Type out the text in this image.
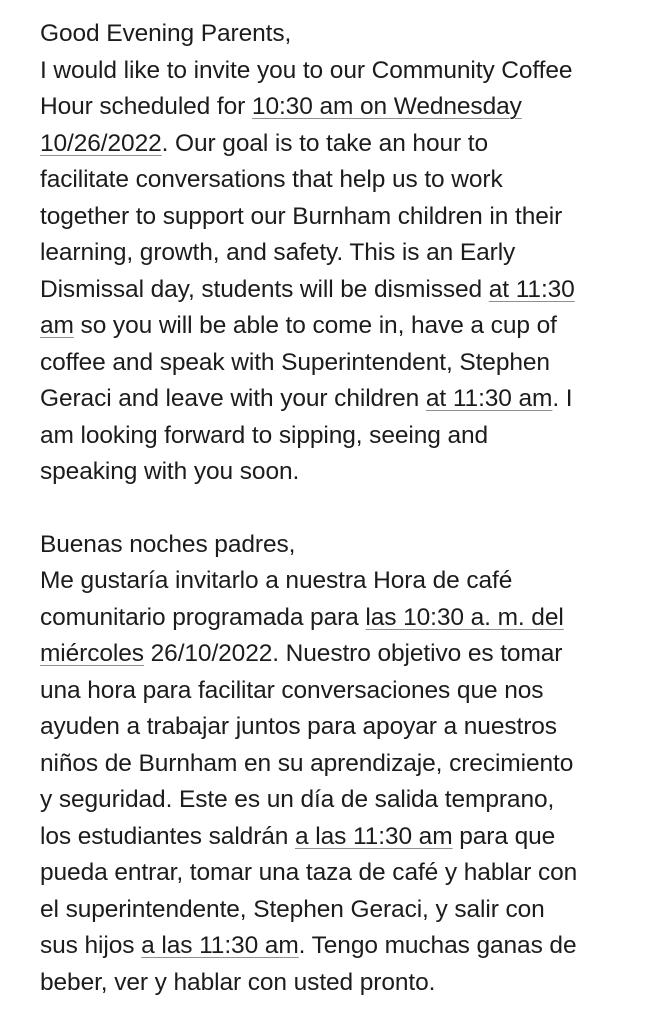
Good Evening Parents,
I would like to invite you to our Community Coffee
Hour scheduled for 10:30 am on Wednesday
10/26/2022. Our goal is to take an hour to
facilitate conversations that help us to work
together to support our Burnham children in their
learning, growth, and safety. This is an Early
Dismissal day, students will be dismissed at 11:30
am so you will be able to come in, have a cup of
coffee and speak with Superintendent, Stephen
Geraci and leave with your children at 11:30 am. I
am looking forward to sipping, seeing and
speaking with you soon.
Buenas noches padres,
Me gustaría invitarlo a nuestra Hora de café
comunitario programada para las 10:30 a. m. del
miércoles 26/10/2022. Nuestro objetivo es tomar
una hora para facilitar conversaciones que nos
ayuden a trabajar juntos para apoyar a nuestros
niños de Burnham en su aprendizaje, crecimiento
y seguridad. Este es un día de salida temprano,
los estudiantes saldrán a las 11:30 am para que
pueda entrar, tomar una taza de café y hablar con
el superintendente, Stephen Geraci, y salir con
sus hijos a las 11:30 am. Tengo muchas ganas de
beber, ver y hablar con usted pronto.
